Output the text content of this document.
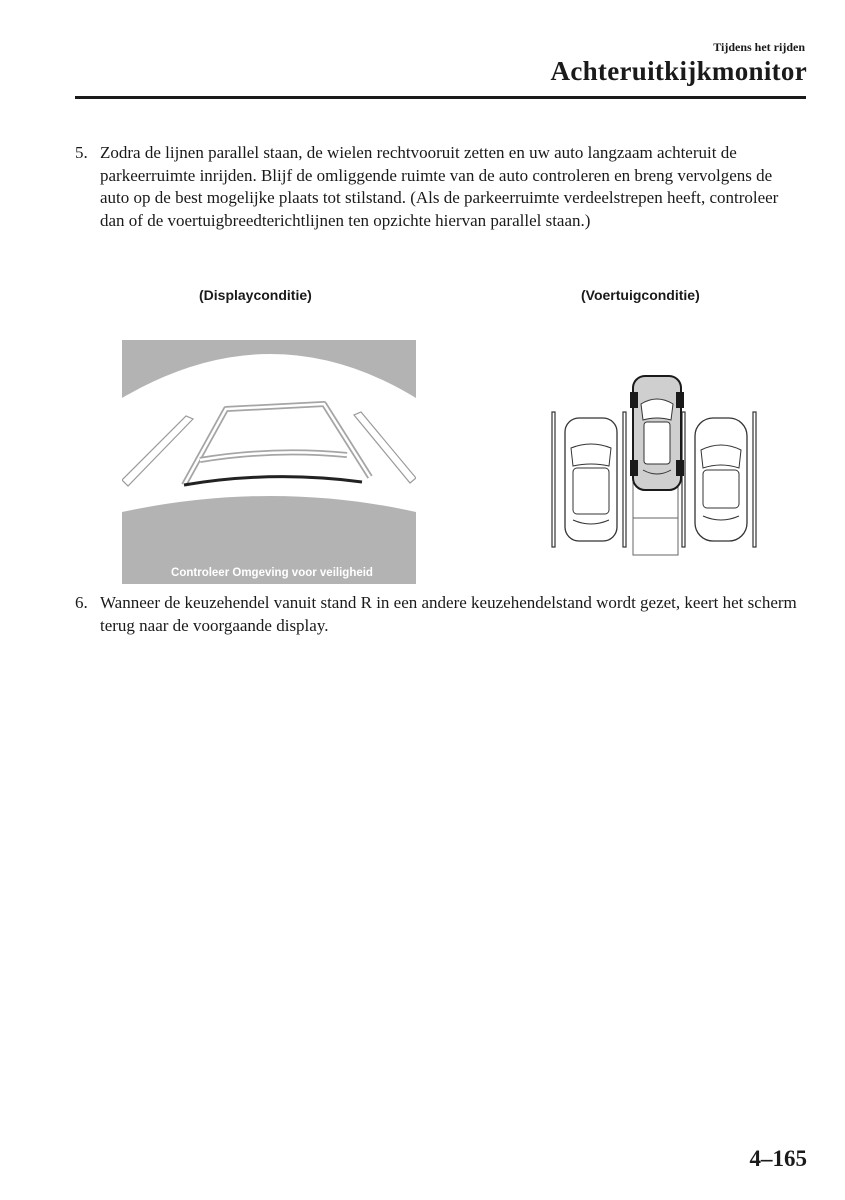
Tijdens het rijden
Achteruitkijkmonitor
5. Zodra de lijnen parallel staan, de wielen rechtvooruit zetten en uw auto langzaam achteruit de parkeerruimte inrijden. Blijf de omliggende ruimte van de auto controleren en breng vervolgens de auto op de best mogelijke plaats tot stilstand. (Als de parkeerruimte verdeelstrepen heeft, controleer dan of de voertuigbreedterichtlijnen ten opzichte hiervan parallel staan.)
(Displayconditie)	(Voertuigconditie)
Controleer Omgeving voor veiligheid
6. Wanneer de keuzehendel vanuit stand R in een andere keuzehendelstand wordt gezet, keert het scherm terug naar de voorgaande display.
4–165
